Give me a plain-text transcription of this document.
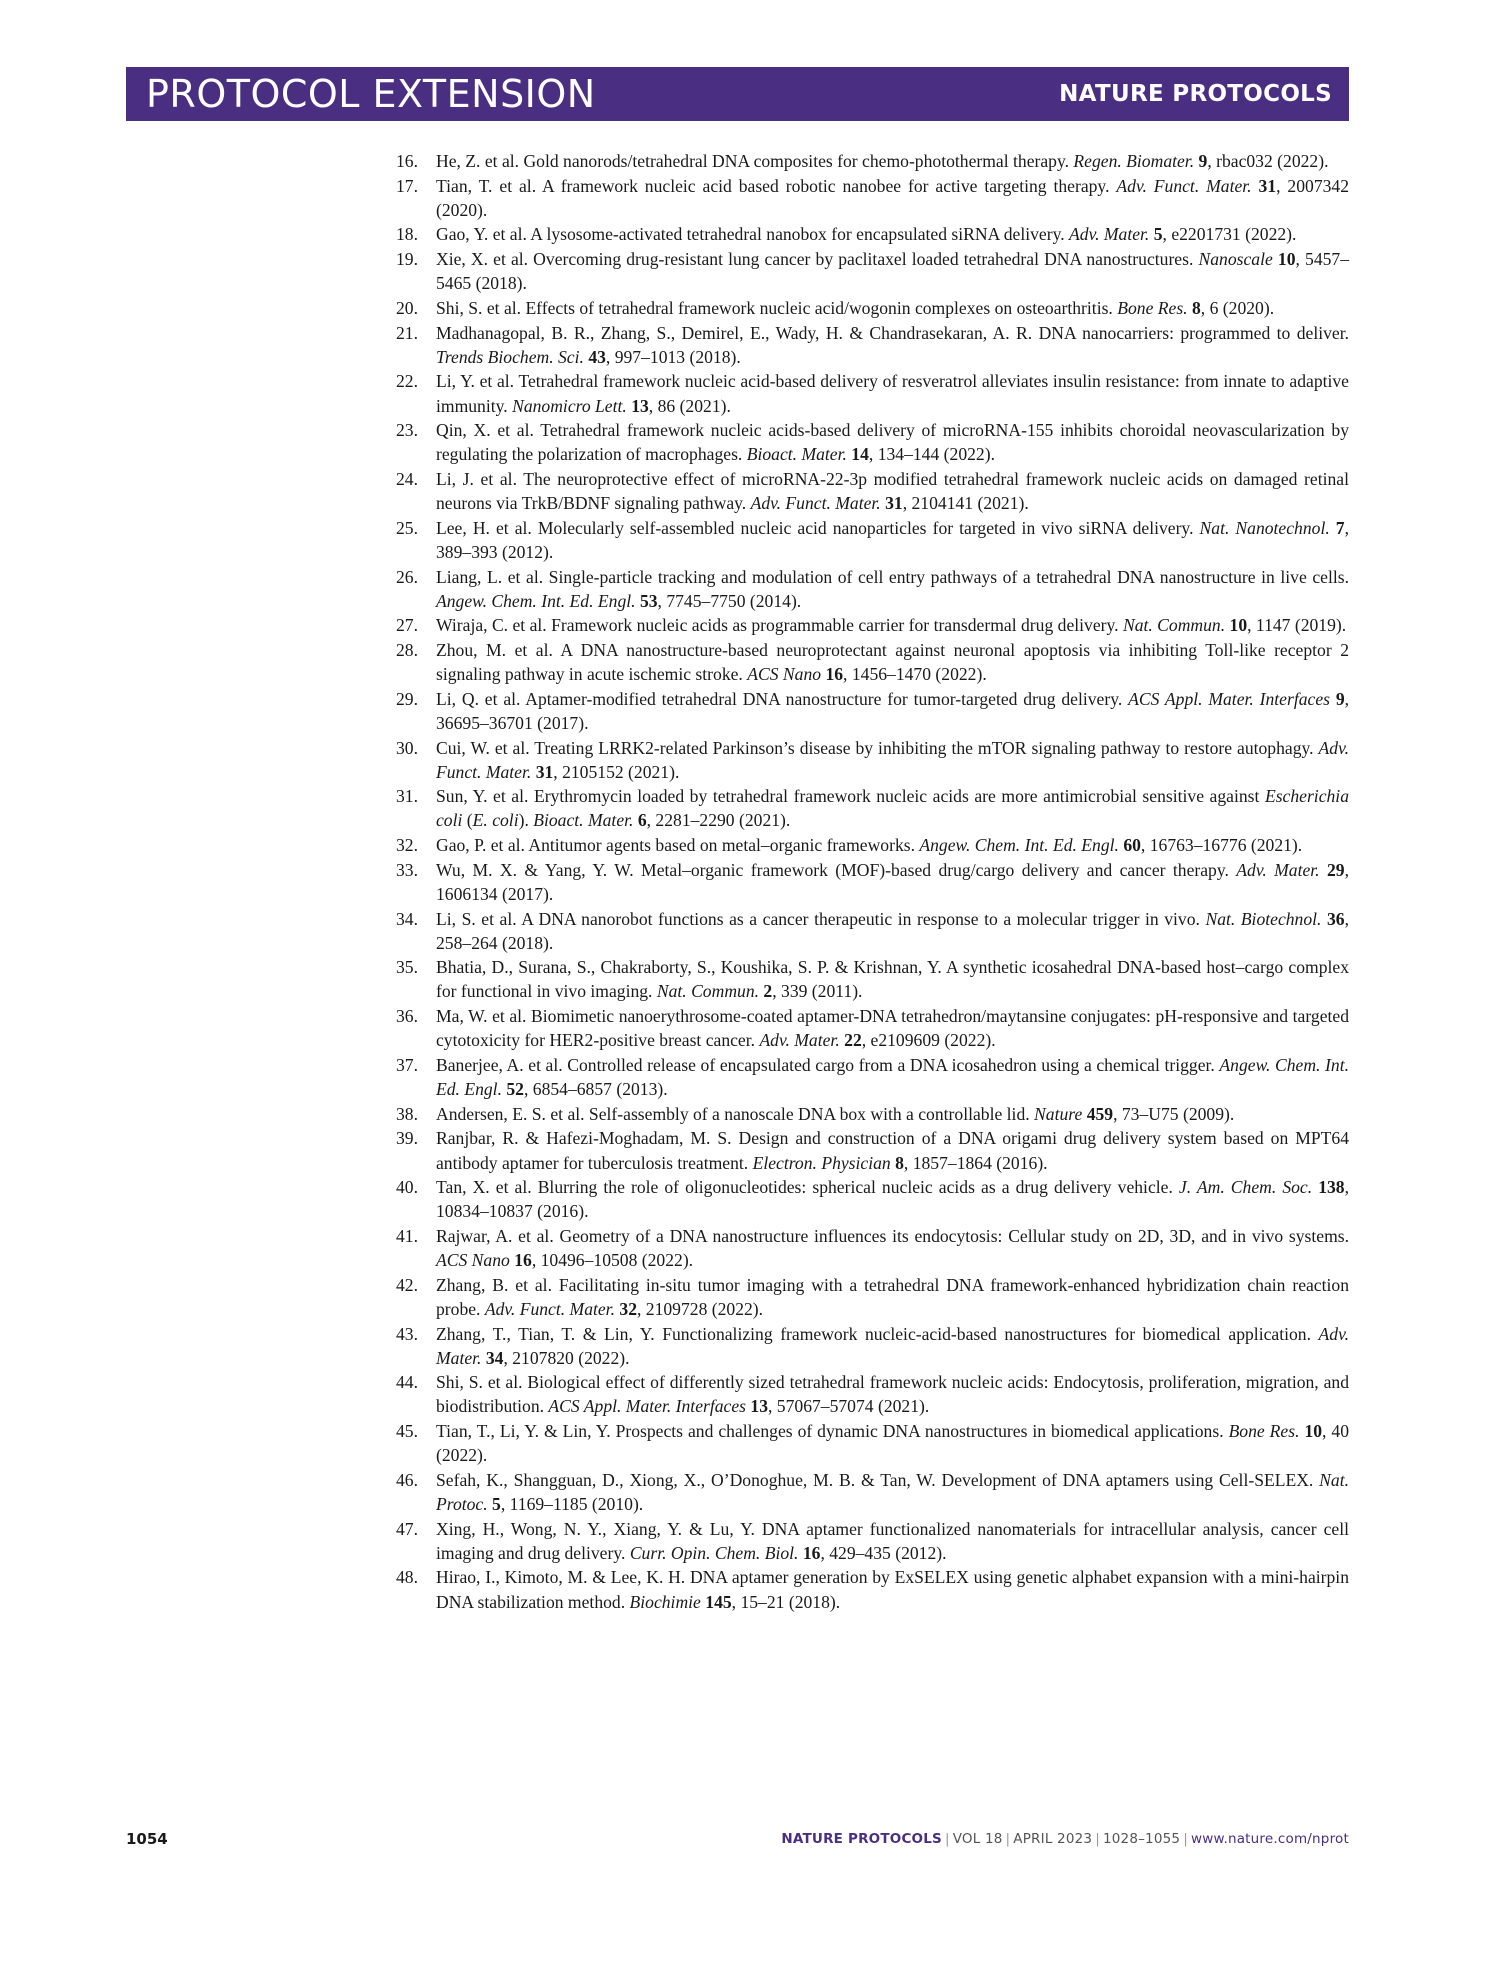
PROTOCOL EXTENSION	NATURE PROTOCOLS
16. He, Z. et al. Gold nanorods/tetrahedral DNA composites for chemo-photothermal therapy. Regen. Biomater. 9, rbac032 (2022).
17. Tian, T. et al. A framework nucleic acid based robotic nanobee for active targeting therapy. Adv. Funct. Mater. 31, 2007342 (2020).
18. Gao, Y. et al. A lysosome-activated tetrahedral nanobox for encapsulated siRNA delivery. Adv. Mater. 5, e2201731 (2022).
19. Xie, X. et al. Overcoming drug-resistant lung cancer by paclitaxel loaded tetrahedral DNA nanostructures. Nanoscale 10, 5457–5465 (2018).
20. Shi, S. et al. Effects of tetrahedral framework nucleic acid/wogonin complexes on osteoarthritis. Bone Res. 8, 6 (2020).
21. Madhanagopal, B. R., Zhang, S., Demirel, E., Wady, H. & Chandrasekaran, A. R. DNA nanocarriers: programmed to deliver. Trends Biochem. Sci. 43, 997–1013 (2018).
22. Li, Y. et al. Tetrahedral framework nucleic acid-based delivery of resveratrol alleviates insulin resistance: from innate to adaptive immunity. Nanomicro Lett. 13, 86 (2021).
23. Qin, X. et al. Tetrahedral framework nucleic acids-based delivery of microRNA-155 inhibits choroidal neovascularization by regulating the polarization of macrophages. Bioact. Mater. 14, 134–144 (2022).
24. Li, J. et al. The neuroprotective effect of microRNA-22-3p modified tetrahedral framework nucleic acids on damaged retinal neurons via TrkB/BDNF signaling pathway. Adv. Funct. Mater. 31, 2104141 (2021).
25. Lee, H. et al. Molecularly self-assembled nucleic acid nanoparticles for targeted in vivo siRNA delivery. Nat. Nanotechnol. 7, 389–393 (2012).
26. Liang, L. et al. Single-particle tracking and modulation of cell entry pathways of a tetrahedral DNA nanostructure in live cells. Angew. Chem. Int. Ed. Engl. 53, 7745–7750 (2014).
27. Wiraja, C. et al. Framework nucleic acids as programmable carrier for transdermal drug delivery. Nat. Commun. 10, 1147 (2019).
28. Zhou, M. et al. A DNA nanostructure-based neuroprotectant against neuronal apoptosis via inhibiting Toll-like receptor 2 signaling pathway in acute ischemic stroke. ACS Nano 16, 1456–1470 (2022).
29. Li, Q. et al. Aptamer-modified tetrahedral DNA nanostructure for tumor-targeted drug delivery. ACS Appl. Mater. Interfaces 9, 36695–36701 (2017).
30. Cui, W. et al. Treating LRRK2-related Parkinson’s disease by inhibiting the mTOR signaling pathway to restore autophagy. Adv. Funct. Mater. 31, 2105152 (2021).
31. Sun, Y. et al. Erythromycin loaded by tetrahedral framework nucleic acids are more antimicrobial sensitive against Escherichia coli (E. coli). Bioact. Mater. 6, 2281–2290 (2021).
32. Gao, P. et al. Antitumor agents based on metal–organic frameworks. Angew. Chem. Int. Ed. Engl. 60, 16763–16776 (2021).
33. Wu, M. X. & Yang, Y. W. Metal–organic framework (MOF)-based drug/cargo delivery and cancer therapy. Adv. Mater. 29, 1606134 (2017).
34. Li, S. et al. A DNA nanorobot functions as a cancer therapeutic in response to a molecular trigger in vivo. Nat. Biotechnol. 36, 258–264 (2018).
35. Bhatia, D., Surana, S., Chakraborty, S., Koushika, S. P. & Krishnan, Y. A synthetic icosahedral DNA-based host–cargo complex for functional in vivo imaging. Nat. Commun. 2, 339 (2011).
36. Ma, W. et al. Biomimetic nanoerythrosome-coated aptamer-DNA tetrahedron/maytansine conjugates: pH-responsive and targeted cytotoxicity for HER2-positive breast cancer. Adv. Mater. 22, e2109609 (2022).
37. Banerjee, A. et al. Controlled release of encapsulated cargo from a DNA icosahedron using a chemical trigger. Angew. Chem. Int. Ed. Engl. 52, 6854–6857 (2013).
38. Andersen, E. S. et al. Self-assembly of a nanoscale DNA box with a controllable lid. Nature 459, 73–U75 (2009).
39. Ranjbar, R. & Hafezi-Moghadam, M. S. Design and construction of a DNA origami drug delivery system based on MPT64 antibody aptamer for tuberculosis treatment. Electron. Physician 8, 1857–1864 (2016).
40. Tan, X. et al. Blurring the role of oligonucleotides: spherical nucleic acids as a drug delivery vehicle. J. Am. Chem. Soc. 138, 10834–10837 (2016).
41. Rajwar, A. et al. Geometry of a DNA nanostructure influences its endocytosis: Cellular study on 2D, 3D, and in vivo systems. ACS Nano 16, 10496–10508 (2022).
42. Zhang, B. et al. Facilitating in-situ tumor imaging with a tetrahedral DNA framework-enhanced hybridization chain reaction probe. Adv. Funct. Mater. 32, 2109728 (2022).
43. Zhang, T., Tian, T. & Lin, Y. Functionalizing framework nucleic-acid-based nanostructures for biomedical application. Adv. Mater. 34, 2107820 (2022).
44. Shi, S. et al. Biological effect of differently sized tetrahedral framework nucleic acids: Endocytosis, proliferation, migration, and biodistribution. ACS Appl. Mater. Interfaces 13, 57067–57074 (2021).
45. Tian, T., Li, Y. & Lin, Y. Prospects and challenges of dynamic DNA nanostructures in biomedical applications. Bone Res. 10, 40 (2022).
46. Sefah, K., Shangguan, D., Xiong, X., O’Donoghue, M. B. & Tan, W. Development of DNA aptamers using Cell-SELEX. Nat. Protoc. 5, 1169–1185 (2010).
47. Xing, H., Wong, N. Y., Xiang, Y. & Lu, Y. DNA aptamer functionalized nanomaterials for intracellular analysis, cancer cell imaging and drug delivery. Curr. Opin. Chem. Biol. 16, 429–435 (2012).
48. Hirao, I., Kimoto, M. & Lee, K. H. DNA aptamer generation by ExSELEX using genetic alphabet expansion with a mini-hairpin DNA stabilization method. Biochimie 145, 15–21 (2018).
1054	NATURE PROTOCOLS | VOL 18 | APRIL 2023 | 1028–1055 | www.nature.com/nprot
